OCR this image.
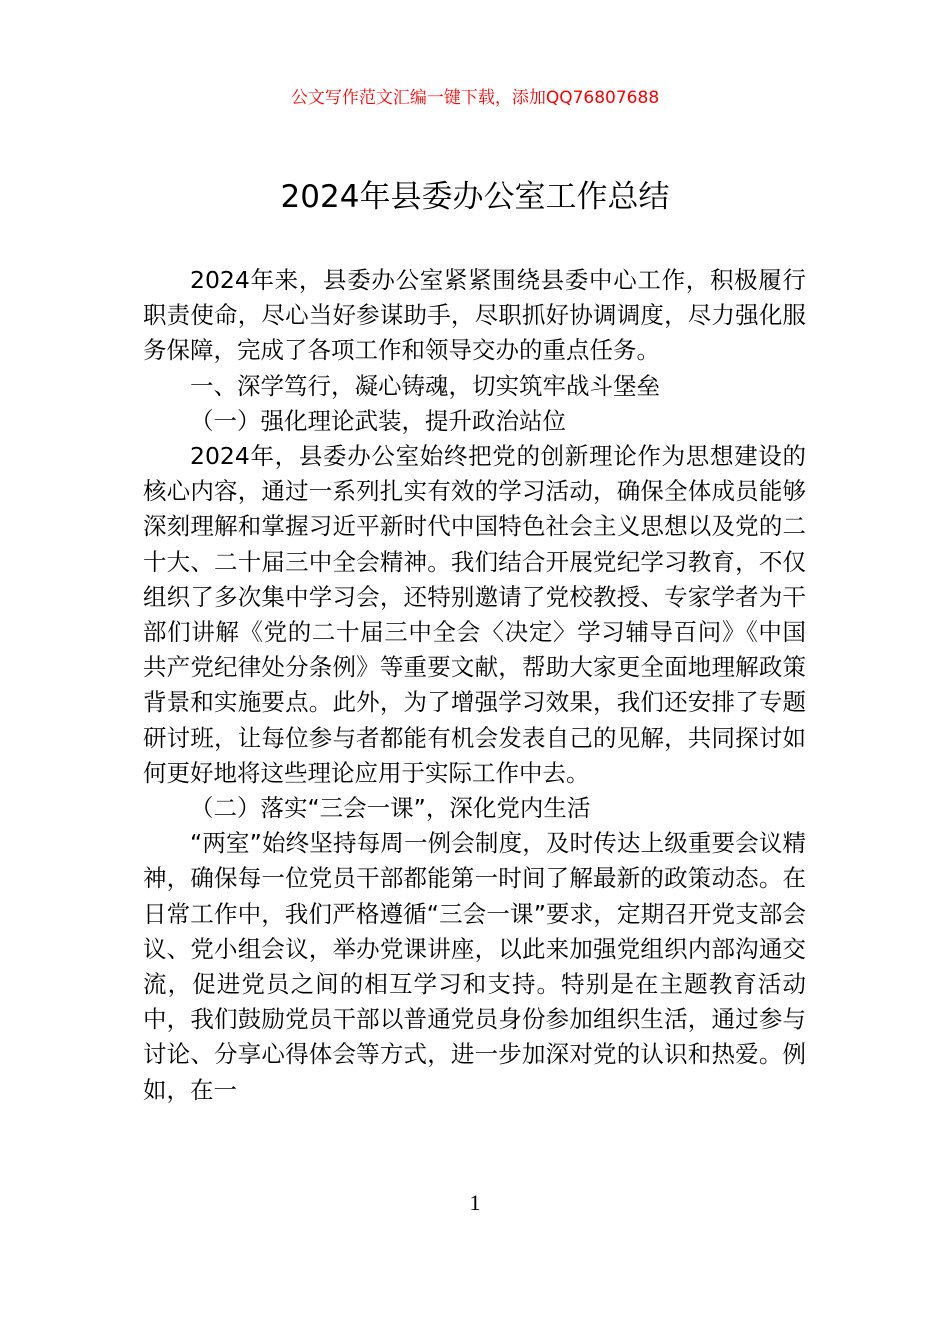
公文写作范文汇编一键下载，添加QQ76807688
2024年县委办公室工作总结

2024年来，县委办公室紧紧围绕县委中心工作，积极履行职责使命，尽心当好参谋助手，尽职抓好协调调度，尽力强化服务保障，完成了各项工作和领导交办的重点任务。

一、深学笃行，凝心铸魂，切实筑牢战斗堡垒

（一）强化理论武装，提升政治站位

2024年，县委办公室始终把党的创新理论作为思想建设的核心内容，通过一系列扎实有效的学习活动，确保全体成员能够深刻理解和掌握习近平新时代中国特色社会主义思想以及党的二十大、二十届三中全会精神。我们结合开展党纪学习教育，不仅组织了多次集中学习会，还特别邀请了党校教授、专家学者为干部们讲解《党的二十届三中全会〈决定〉学习辅导百问》《中国共产党纪律处分条例》等重要文献，帮助大家更全面地理解政策背景和实施要点。此外，为了增强学习效果，我们还安排了专题研讨班，让每位参与者都能有机会发表自己的见解，共同探讨如何更好地将这些理论应用于实际工作中去。

（二）落实“三会一课”，深化党内生活

“两室”始终坚持每周一例会制度，及时传达上级重要会议精神，确保每一位党员干部都能第一时间了解最新的政策动态。在日常工作中，我们严格遵循“三会一课”要求，定期召开党支部会议、党小组会议，举办党课讲座，以此来加强党组织内部沟通交流，促进党员之间的相互学习和支持。特别是在主题教育活动中，我们鼓励党员干部以普通党员身份参加组织生活，通过参与讨论、分享心得体会等方式，进一步加深对党的认识和热爱。例如，在一

1
